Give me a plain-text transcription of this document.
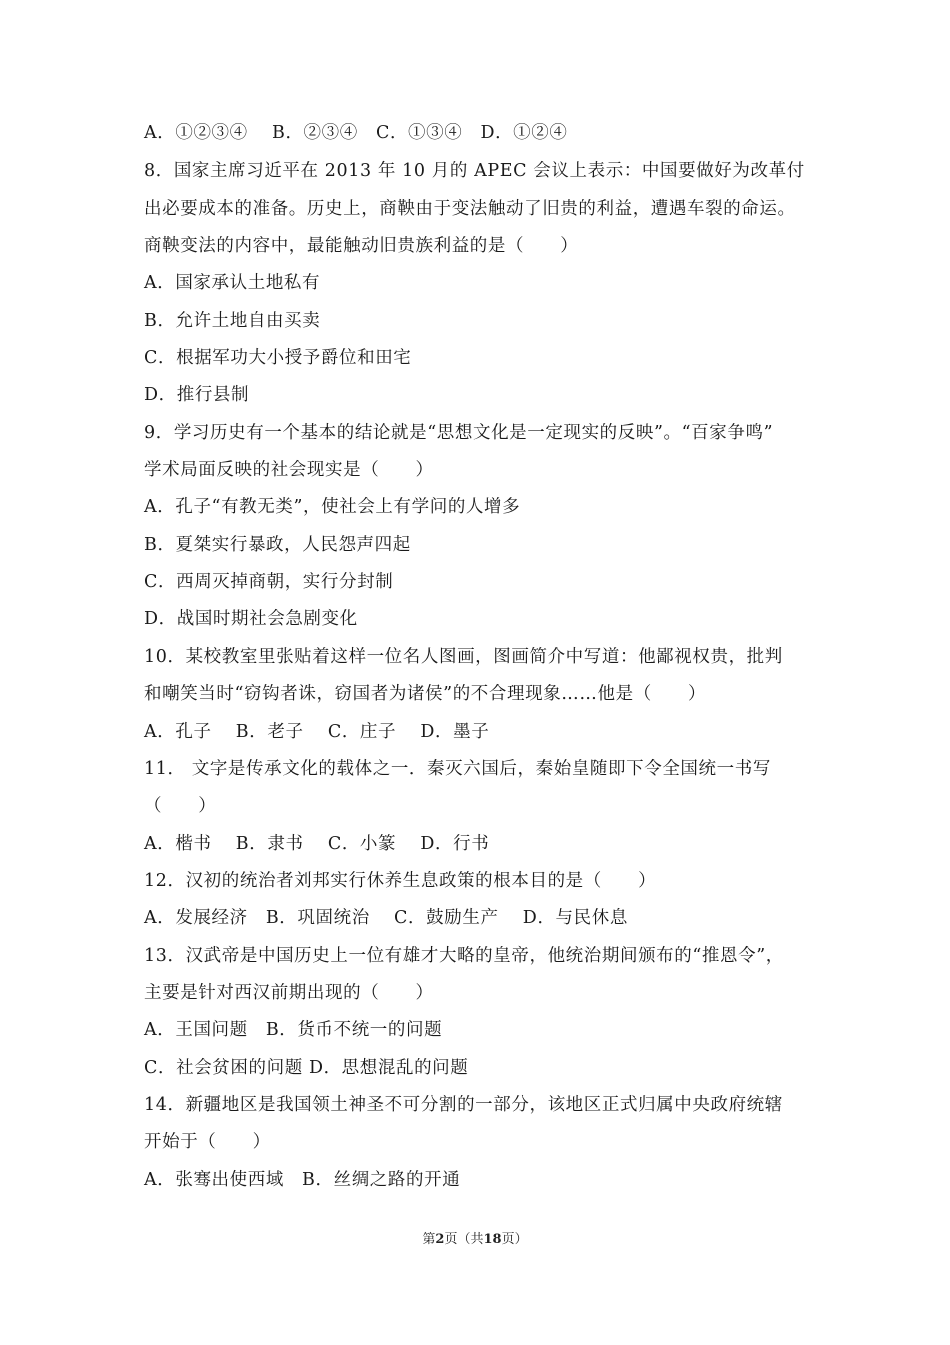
A．①②③④　 B．②③④　C．①③④　D．①②④
8．国家主席习近平在 2013 年 10 月的 APEC 会议上表示：中国要做好为改革付
出必要成本的准备。历史上，商鞅由于变法触动了旧贵的利益，遭遇车裂的命运。
商鞅变法的内容中，最能触动旧贵族利益的是（　　）
A．国家承认土地私有
B．允许土地自由买卖
C．根据军功大小授予爵位和田宅
D．推行县制
9．学习历史有一个基本的结论就是“思想文化是一定现实的反映”。“百家争鸣”
学术局面反映的社会现实是（　　）
A．孔子“有教无类”，使社会上有学问的人增多
B．夏桀实行暴政，人民怨声四起
C．西周灭掉商朝，实行分封制
D．战国时期社会急剧变化
10．某校教室里张贴着这样一位名人图画，图画简介中写道：他鄙视权贵，批判
和嘲笑当时“窃钩者诛，窃国者为诸侯”的不合理现象……他是（　　）
A．孔子　 B．老子　 C．庄子　 D．墨子
11． 文字是传承文化的载体之一．秦灭六国后，秦始皇随即下令全国统一书写
（　　）
A．楷书　 B．隶书　 C．小篆　 D．行书
12．汉初的统治者刘邦实行休养生息政策的根本目的是（　　）
A．发展经济　B．巩固统治　 C．鼓励生产　 D．与民休息
13．汉武帝是中国历史上一位有雄才大略的皇帝，他统治期间颁布的“推恩令”，
主要是针对西汉前期出现的（　　）
A．王国问题　B．货币不统一的问题
C．社会贫困的问题 D．思想混乱的问题
14．新疆地区是我国领土神圣不可分割的一部分，该地区正式归属中央政府统辖
开始于（　　）
A．张骞出使西域　B．丝绸之路的开通
第2页（共18页）
